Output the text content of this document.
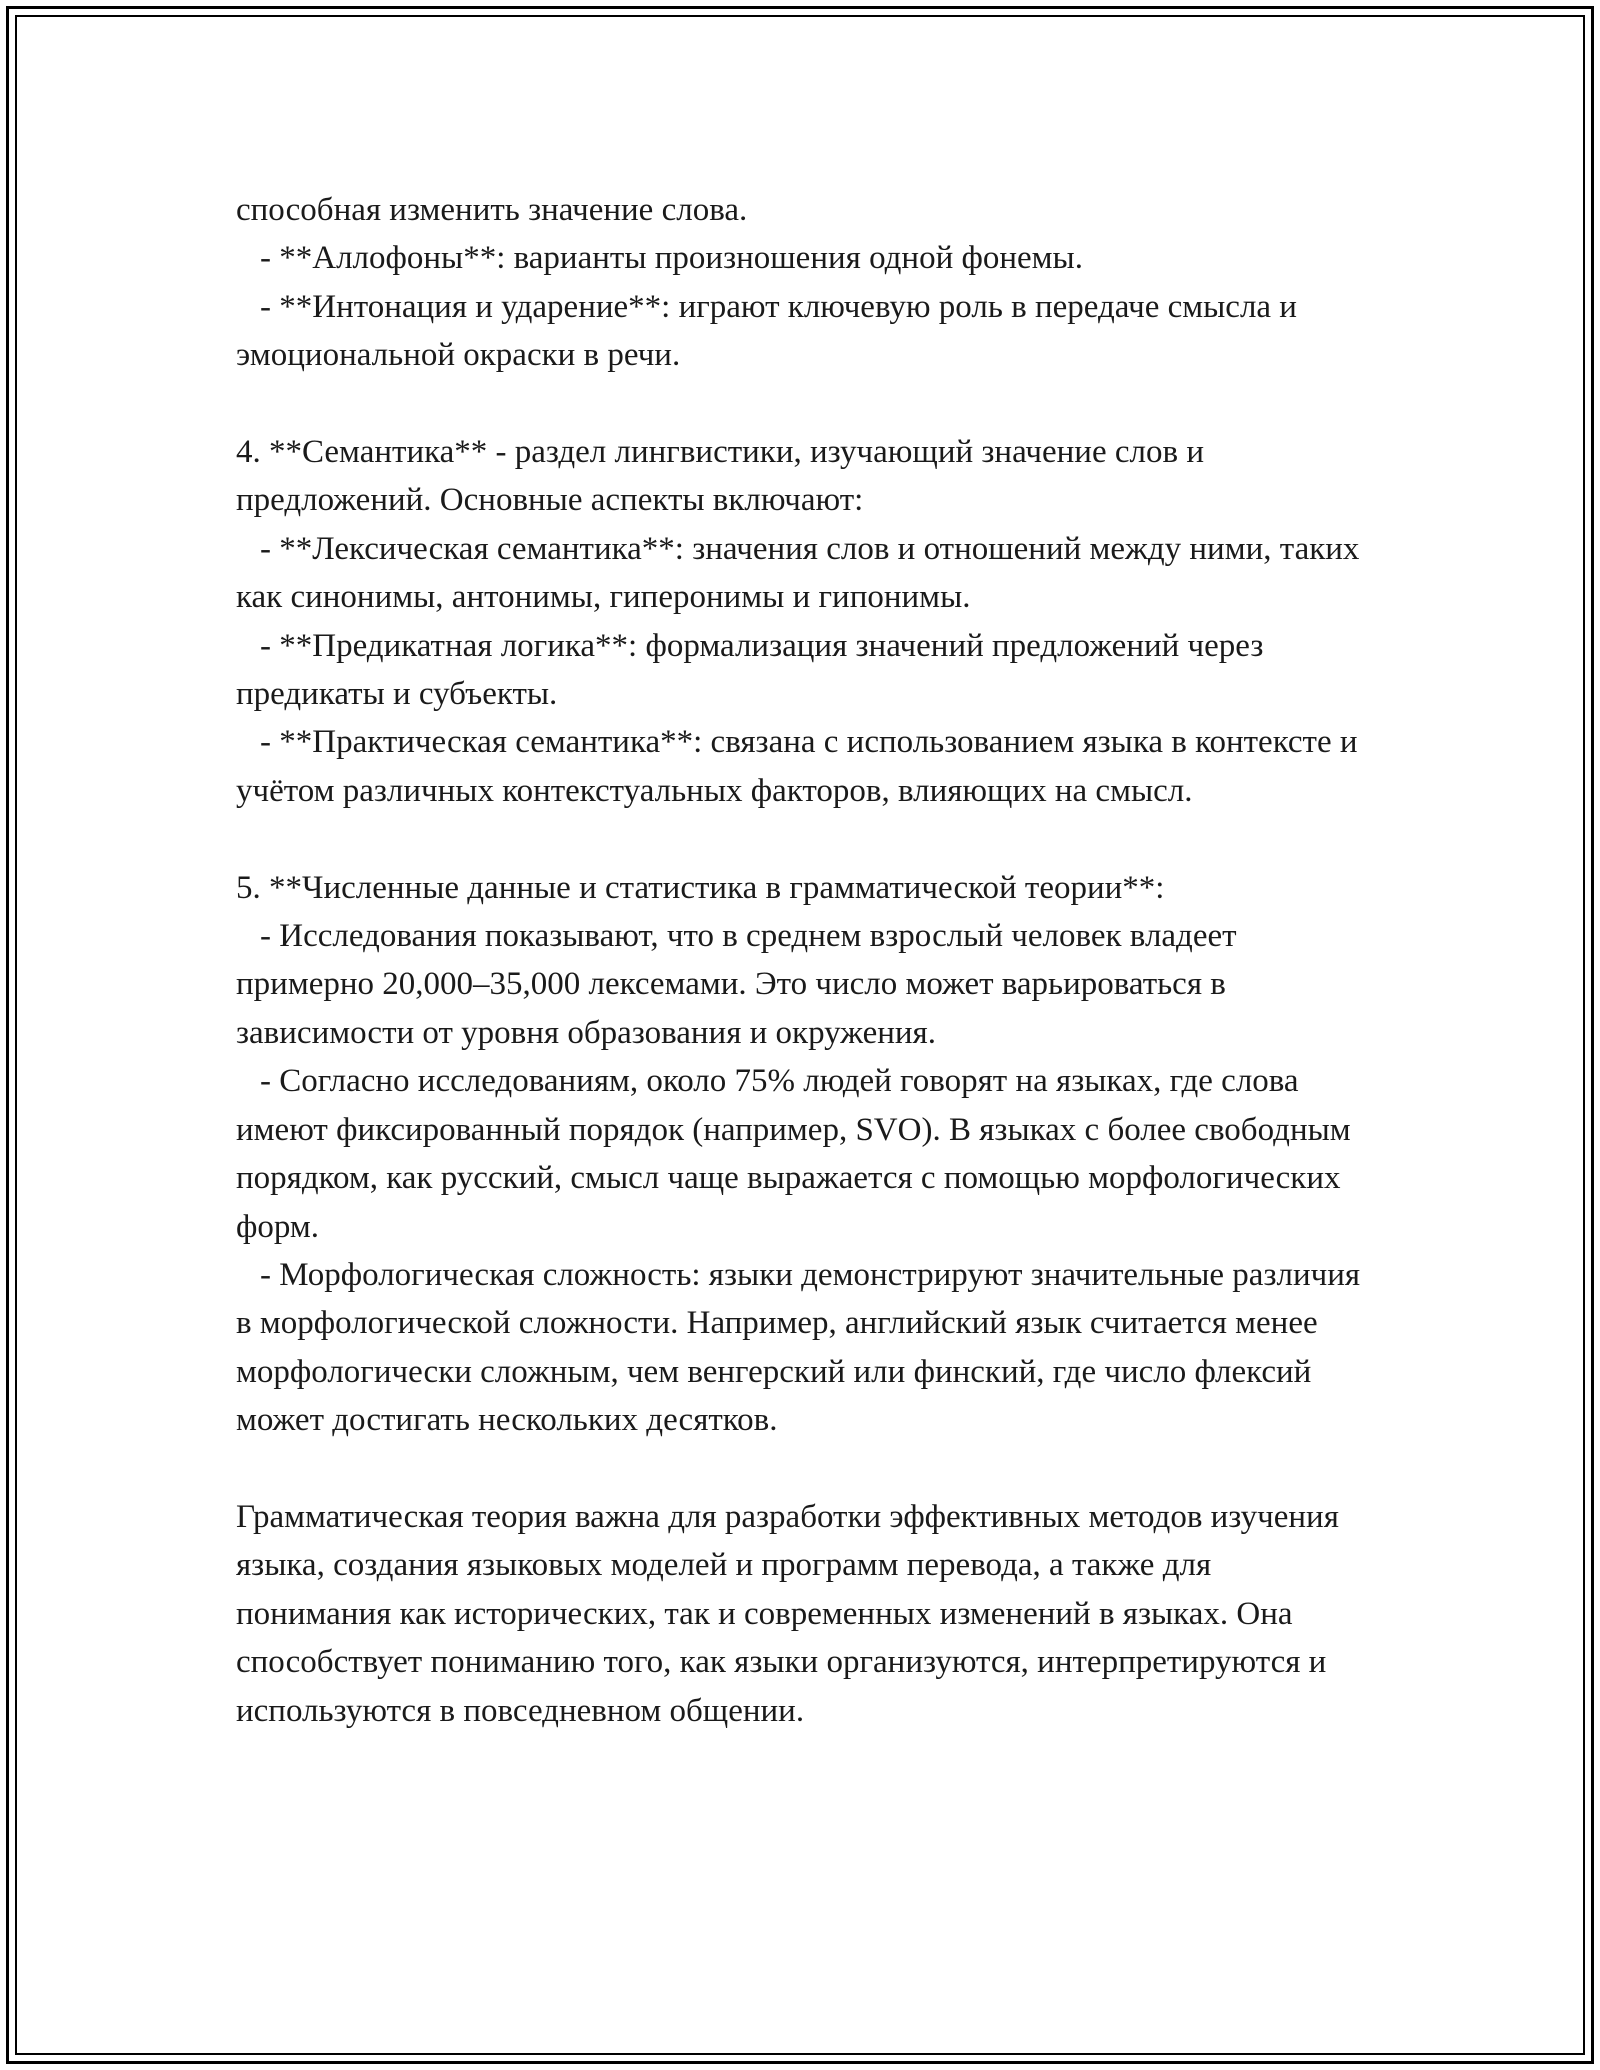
способная изменить значение слова.

- **Аллофоны**: варианты произношения одной фонемы.

- **Интонация и ударение**: играют ключевую роль в передаче смысла и эмоциональной окраски в речи.

4. **Семантика** - раздел лингвистики, изучающий значение слов и предложений. Основные аспекты включают:

- **Лексическая семантика**: значения слов и отношений между ними, таких как синонимы, антонимы, гиперонимы и гипонимы.

- **Предикатная логика**: формализация значений предложений через предикаты и субъекты.

- **Практическая семантика**: связана с использованием языка в контексте и учётом различных контекстуальных факторов, влияющих на смысл.

5. **Численные данные и статистика в грамматической теории**:

- Исследования показывают, что в среднем взрослый человек владеет примерно 20,000–35,000 лексемами. Это число может варьироваться в зависимости от уровня образования и окружения.

- Согласно исследованиям, около 75% людей говорят на языках, где слова имеют фиксированный порядок (например, SVO). В языках с более свободным порядком, как русский, смысл чаще выражается с помощью морфологических форм.

- Морфологическая сложность: языки демонстрируют значительные различия в морфологической сложности. Например, английский язык считается менее морфологически сложным, чем венгерский или финский, где число флексий может достигать нескольких десятков.

Грамматическая теория важна для разработки эффективных методов изучения языка, создания языковых моделей и программ перевода, а также для понимания как исторических, так и современных изменений в языках. Она способствует пониманию того, как языки организуются, интерпретируются и используются в повседневном общении.
